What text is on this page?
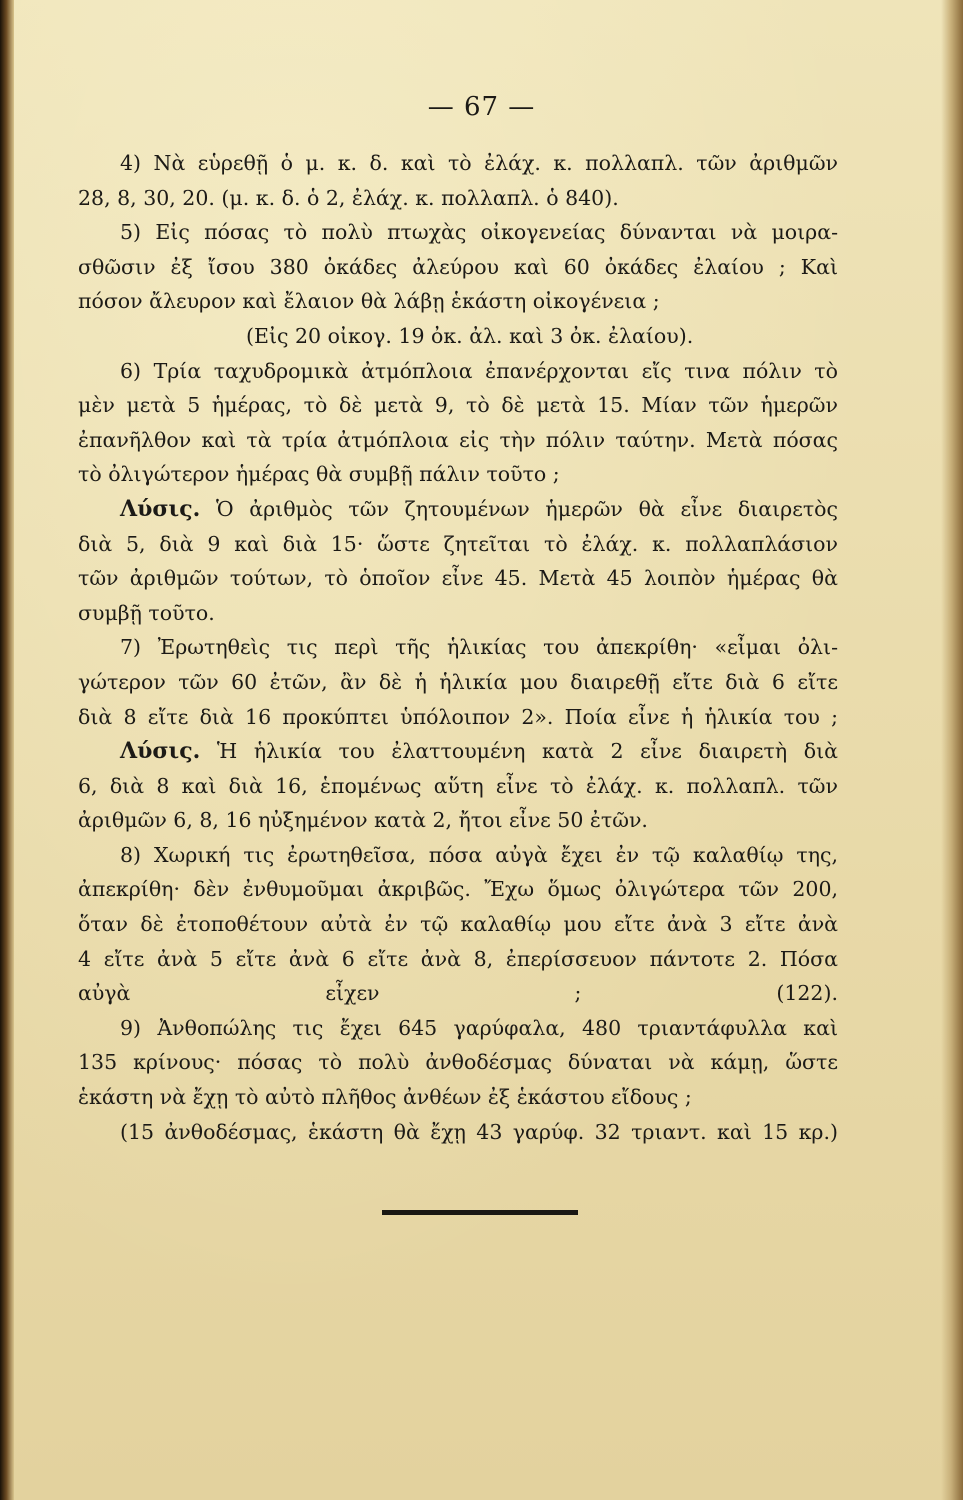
— 67 —
4) Νὰ εὑρεθῇ ὁ μ. κ. δ. καὶ τὸ ἐλάχ. κ. πολλαπλ. τῶν ἀριθμῶν
28, 8, 30, 20. (μ. κ. δ. ὁ 2, ἐλάχ. κ. πολλαπλ. ὁ 840).
5) Εἰς πόσας τὸ πολὺ πτωχὰς οἰκογενείας δύνανται νὰ μοιρα-
σθῶσιν ἐξ ἴσου 380 ὀκάδες ἀλεύρου καὶ 60 ὀκάδες ἐλαίου ; Καὶ
πόσον ἄλευρον καὶ ἔλαιον θὰ λάβῃ ἑκάστη οἰκογένεια ;
(Εἰς 20 οἰκογ. 19 ὀκ. ἀλ. καὶ 3 ὀκ. ἐλαίου).
6) Τρία ταχυδρομικὰ ἀτμόπλοια ἐπανέρχονται εἴς τινα πόλιν τὸ
μὲν μετὰ 5 ἡμέρας, τὸ δὲ μετὰ 9, τὸ δὲ μετὰ 15. Μίαν τῶν ἡμερῶν
ἐπανῆλθον καὶ τὰ τρία ἀτμόπλοια εἰς τὴν πόλιν ταύτην. Μετὰ πόσας
τὸ ὀλιγώτερον ἡμέρας θὰ συμβῇ πάλιν τοῦτο ;
Λύσις. Ὁ ἀριθμὸς τῶν ζητουμένων ἡμερῶν θὰ εἶνε διαιρετὸς
διὰ 5, διὰ 9 καὶ διὰ 15· ὥστε ζητεῖται τὸ ἐλάχ. κ. πολλαπλάσιον
τῶν ἀριθμῶν τούτων, τὸ ὁποῖον εἶνε 45. Μετὰ 45 λοιπὸν ἡμέρας θὰ
συμβῇ τοῦτο.
7) Ἐρωτηθεὶς τις περὶ τῆς ἡλικίας του ἀπεκρίθη· «εἶμαι ὀλι-
γώτερον τῶν 60 ἐτῶν, ἂν δὲ ἡ ἡλικία μου διαιρεθῇ εἴτε διὰ 6 εἴτε
διὰ 8 εἴτε διὰ 16 προκύπτει ὑπόλοιπον 2». Ποία εἶνε ἡ ἡλικία του ;
Λύσις. Ἡ ἡλικία του ἐλαττουμένη κατὰ 2 εἶνε διαιρετὴ διὰ
6, διὰ 8 καὶ διὰ 16, ἑπομένως αὕτη εἶνε τὸ ἐλάχ. κ. πολλαπλ. τῶν
ἀριθμῶν 6, 8, 16 ηὐξημένον κατὰ 2, ἤτοι εἶνε 50 ἐτῶν.
8) Χωρική τις ἐρωτηθεῖσα, πόσα αὐγὰ ἔχει ἐν τῷ καλαθίῳ της,
ἀπεκρίθη· δὲν ἐνθυμοῦμαι ἀκριβῶς. Ἔχω ὅμως ὀλιγώτερα τῶν 200,
ὅταν δὲ ἐτοποθέτουν αὐτὰ ἐν τῷ καλαθίῳ μου εἴτε ἀνὰ 3 εἴτε ἀνὰ
4 εἴτε ἀνὰ 5 εἴτε ἀνὰ 6 εἴτε ἀνὰ 8, ἐπερίσσευον πάντοτε 2. Πόσα
αὐγὰ εἶχεν ; (122).
9) Ἀνθοπώλης τις ἔχει 645 γαρύφαλα, 480 τριαντάφυλλα καὶ
135 κρίνους· πόσας τὸ πολὺ ἀνθοδέσμας δύναται νὰ κάμῃ, ὥστε
ἑκάστη νὰ ἔχῃ τὸ αὐτὸ πλῆθος ἀνθέων ἐξ ἑκάστου εἴδους ;
(15 ἀνθοδέσμας, ἑκάστη θὰ ἔχῃ 43 γαρύφ. 32 τριαντ. καὶ 15 κρ.)
